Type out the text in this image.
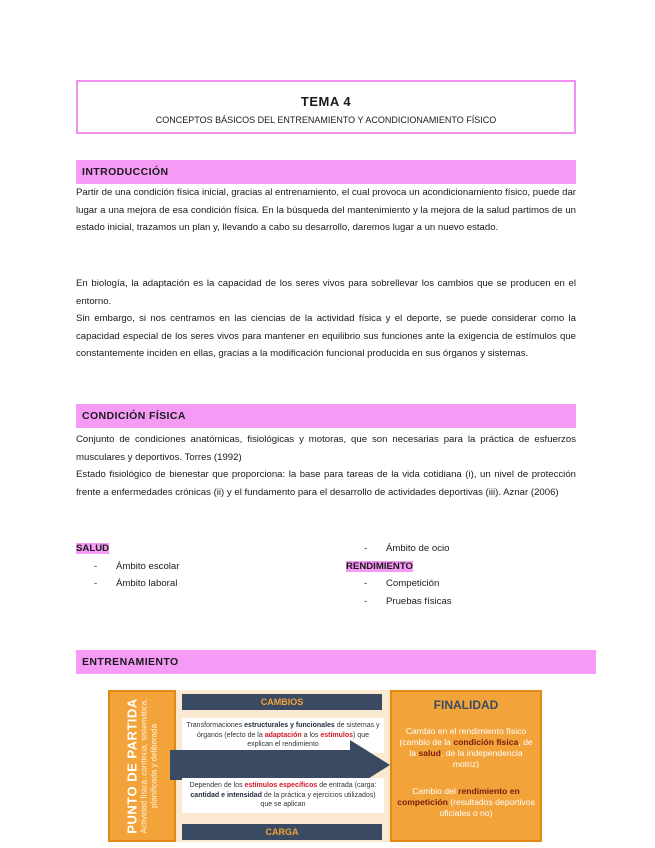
TEMA 4
CONCEPTOS BÁSICOS DEL ENTRENAMIENTO Y ACONDICIONAMIENTO FÍSICO
INTRODUCCIÓN
Partir de una condición física inicial, gracias al entrenamiento, el cual provoca un acondicionamiento físico, puede dar lugar a una mejora de esa condición física. En la búsqueda del mantenimiento y la mejora de la salud partimos de un estado inicial, trazamos un plan y, llevando a cabo su desarrollo, daremos lugar a un nuevo estado.
En biología, la adaptación es la capacidad de los seres vivos para sobrellevar los cambios que se producen en el entorno.
Sin embargo, si nos centramos en las ciencias de la actividad física y el deporte, se puede considerar como la capacidad especial de los seres vivos para mantener en equilibrio sus funciones ante la exigencia de estímulos que constantemente inciden en ellas, gracias a la modificación funcional producida en sus órganos y sistemas.
CONDICIÓN FÍSICA
Conjunto de condiciones anatómicas, fisiológicas y motoras, que son necesarias para la práctica de esfuerzos musculares y deportivos. Torres (1992)
Estado fisiológico de bienestar que proporciona: la base para tareas de la vida cotidiana (i), un nivel de protección frente a enfermedades crónicas (ii) y el fundamento para el desarrollo de actividades deportivas (iii). Aznar (2006)
SALUD
- Ámbito escolar
- Ámbito laboral
- Ámbito de ocio
RENDIMIENTO
- Competición
- Pruebas físicas
ENTRENAMIENTO
PUNTO DE PARTIDA Actividad física, continua, sistemática, planificada y deliberada
CAMBIOS
Transformaciones estructurales y funcionales de sistemas y órganos (efecto de la adaptación a los estímulos) que explican el rendimiento
Dependen de los estímulos específicos de entrada (carga: cantidad e intensidad de la práctica y ejercicios utilizados) que se aplican
CARGA
FINALIDAD
Cambio en el rendimiento físico (cambio de la condición física, de la salud, de la independencia motriz)
Cambio del rendimiento en competición (resultados deportivos oficiales o no)
